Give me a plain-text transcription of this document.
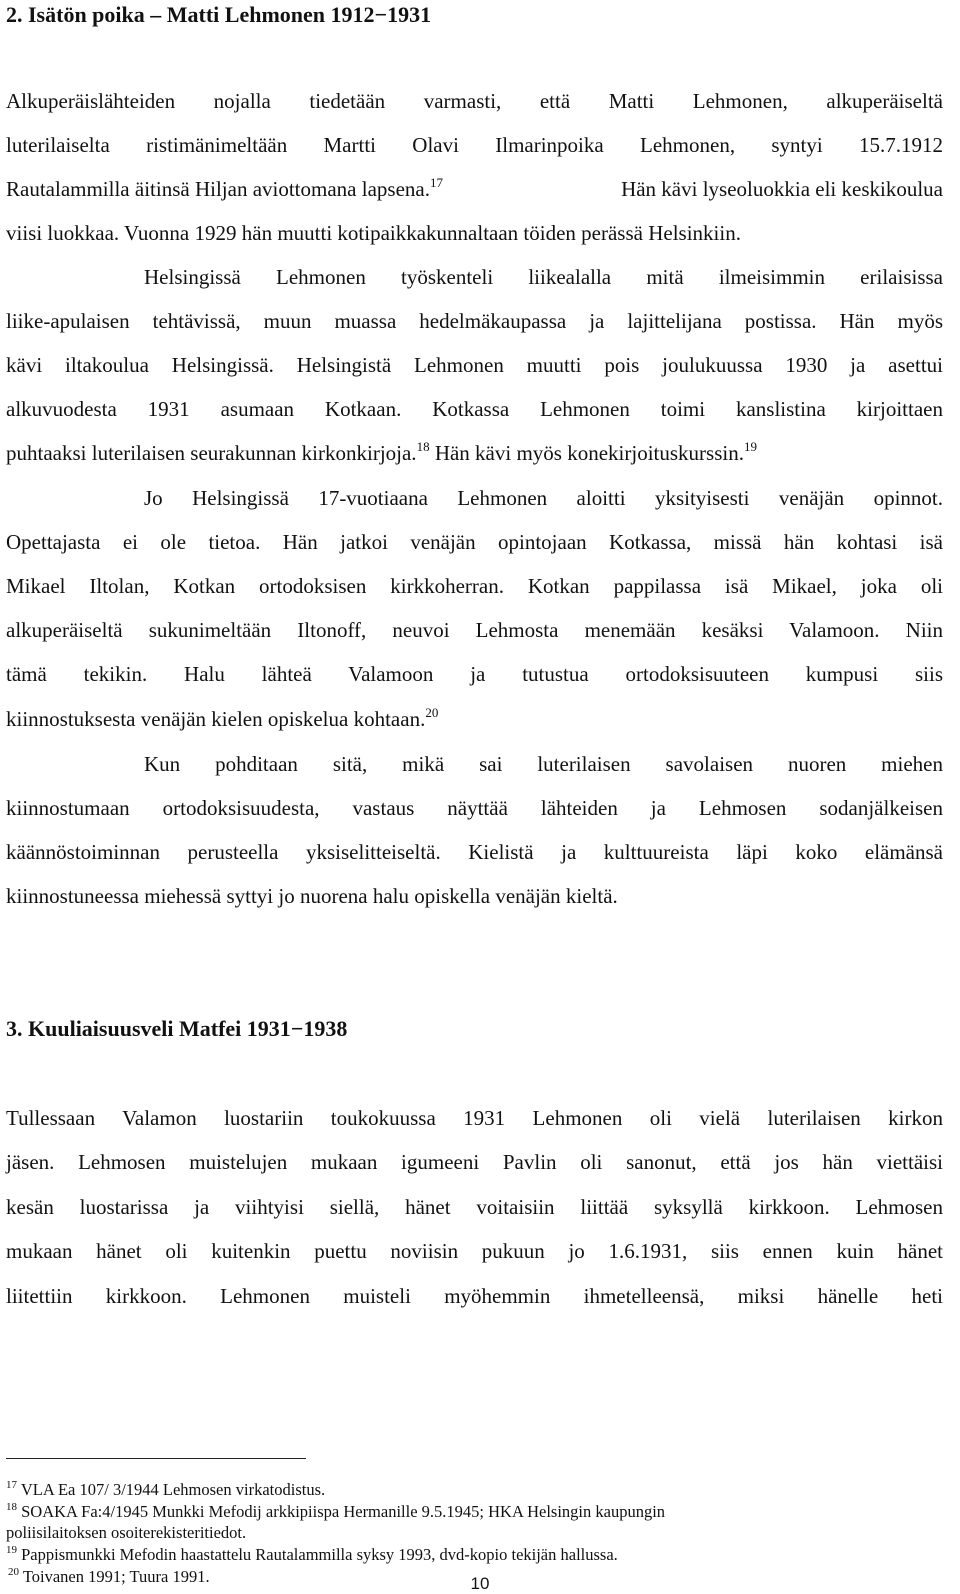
2. Isätön poika – Matti Lehmonen 1912−1931
Alkuperäislähteiden nojalla tiedetään varmasti, että Matti Lehmonen, alkuperäiseltä
luterilaiselta ristimänimeltään Martti Olavi Ilmarinpoika Lehmonen, syntyi 15.7.1912
Rautalammilla äitinsä Hiljan aviottomana lapsena.$^{17}$	Hän kävi lyseoluokkia eli keskikoulua
viisi luokkaa. Vuonna 1929 hän muutti kotipaikkakunnaltaan töiden perässä Helsinkiin.
Helsingissä Lehmonen työskenteli liikealalla mitä ilmeisimmin erilaisissa
liike-apulaisen tehtävissä, muun muassa hedelmäkaupassa ja lajittelijana postissa. Hän myös
kävi iltakoulua Helsingissä. Helsingistä Lehmonen muutti pois joulukuussa 1930 ja asettui
alkuvuodesta 1931 asumaan Kotkaan. Kotkassa Lehmonen toimi kanslistina kirjoittaen
puhtaaksi luterilaisen seurakunnan kirkonkirjoja.$^{18}$ Hän kävi myös konekirjoituskurssin.$^{19}$
Jo Helsingissä 17-vuotiaana Lehmonen aloitti yksityisesti venäjän opinnot.
Opettajasta ei ole tietoa. Hän jatkoi venäjän opintojaan Kotkassa, missä hän kohtasi isä
Mikael Iltolan, Kotkan ortodoksisen kirkkoherran. Kotkan pappilassa isä Mikael, joka oli
alkuperäiseltä sukunimeltään Iltonoff, neuvoi Lehmosta menemään kesäksi Valamoon. Niin
tämä tekikin. Halu lähteä Valamoon ja tutustua ortodoksisuuteen kumpusi siis
kiinnostuksesta venäjän kielen opiskelua kohtaan.$^{20}$
Kun pohditaan sitä, mikä sai luterilaisen savolaisen nuoren miehen
kiinnostumaan ortodoksisuudesta, vastaus näyttää lähteiden ja Lehmosen sodanjälkeisen
käännöstoiminnan perusteella yksiselitteiseltä. Kielistä ja kulttuureista läpi koko elämänsä
kiinnostuneessa miehessä syttyi jo nuorena halu opiskella venäjän kieltä.
3. Kuuliaisuusveli Matfei 1931−1938
Tullessaan Valamon luostariin toukokuussa 1931 Lehmonen oli vielä luterilaisen kirkon
jäsen. Lehmosen muistelujen mukaan igumeeni Pavlin oli sanonut, että jos hän viettäisi
kesän luostarissa ja viihtyisi siellä, hänet voitaisiin liittää syksyllä kirkkoon. Lehmosen
mukaan hänet oli kuitenkin puettu noviisin pukuun jo 1.6.1931, siis ennen kuin hänet
liitettiin kirkkoon. Lehmonen muisteli myöhemmin ihmetelleensä, miksi hänelle heti
$^{17}$ VLA Ea 107/ 3/1944 Lehmosen virkatodistus.
$^{18}$ SOAKA Fa:4/1945 Munkki Mefodij arkkipiispa Hermanille 9.5.1945; HKA Helsingin kaupungin
poliisilaitoksen osoiterekisteritiedot.
$^{19}$ Pappismunkki Mefodin haastattelu Rautalammilla syksy 1993, dvd-kopio tekijän hallussa.
$^{20}$ Toivanen 1991; Tuura 1991.	10
